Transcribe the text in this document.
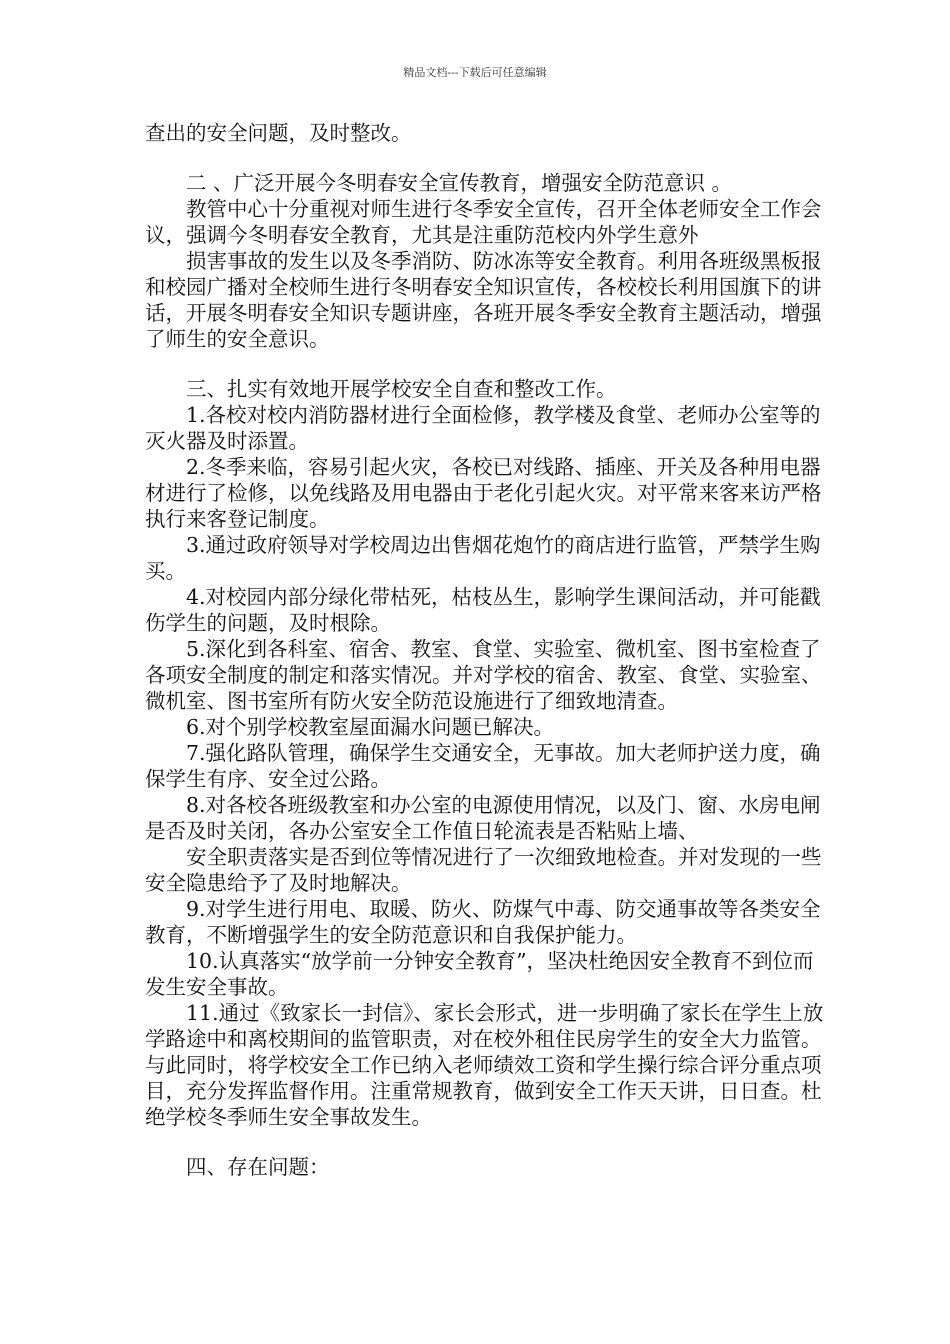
精品文档---下载后可任意编辑

查出的安全问题，及时整改。

二 、广泛开展今冬明春安全宣传教育，增强安全防范意识 。

教管中心十分重视对师生进行冬季安全宣传，召开全体老师安全工作会议，强调今冬明春安全教育，尤其是注重防范校内外学生意外

损害事故的发生以及冬季消防、防冰冻等安全教育。利用各班级黑板报和校园广播对全校师生进行冬明春安全知识宣传，各校校长利用国旗下的讲话，开展冬明春安全知识专题讲座，各班开展冬季安全教育主题活动，增强了师生的安全意识。

三、扎实有效地开展学校安全自查和整改工作。

1.各校对校内消防器材进行全面检修，教学楼及食堂、老师办公室等的灭火器及时添置。

2.冬季来临，容易引起火灾，各校已对线路、插座、开关及各种用电器材进行了检修，以免线路及用电器由于老化引起火灾。对平常来客来访严格执行来客登记制度。

3.通过政府领导对学校周边出售烟花炮竹的商店进行监管，严禁学生购买。

4.对校园内部分绿化带枯死，枯枝丛生，影响学生课间活动，并可能戳伤学生的问题，及时根除。

5.深化到各科室、宿舍、教室、食堂、实验室、微机室、图书室检查了各项安全制度的制定和落实情况。并对学校的宿舍、教室、食堂、实验室、微机室、图书室所有防火安全防范设施进行了细致地清查。

6.对个别学校教室屋面漏水问题已解决。

7.强化路队管理，确保学生交通安全，无事故。加大老师护送力度，确保学生有序、安全过公路。

8.对各校各班级教室和办公室的电源使用情况，以及门、窗、水房电闸是否及时关闭，各办公室安全工作值日轮流表是否粘贴上墙、

安全职责落实是否到位等情况进行了一次细致地检查。并对发现的一些安全隐患给予了及时地解决。

9.对学生进行用电、取暖、防火、防煤气中毒、防交通事故等各类安全教育，不断增强学生的安全防范意识和自我保护能力。

10.认真落实“放学前一分钟安全教育”，坚决杜绝因安全教育不到位而发生安全事故。

11.通过《致家长一封信》、家长会形式，进一步明确了家长在学生上放学路途中和离校期间的监管职责，对在校外租住民房学生的安全大力监管。 与此同时，将学校安全工作已纳入老师绩效工资和学生操行综合评分重点项目，充分发挥监督作用。注重常规教育，做到安全工作天天讲，日日查。杜绝学校冬季师生安全事故发生。

四、存在问题：
